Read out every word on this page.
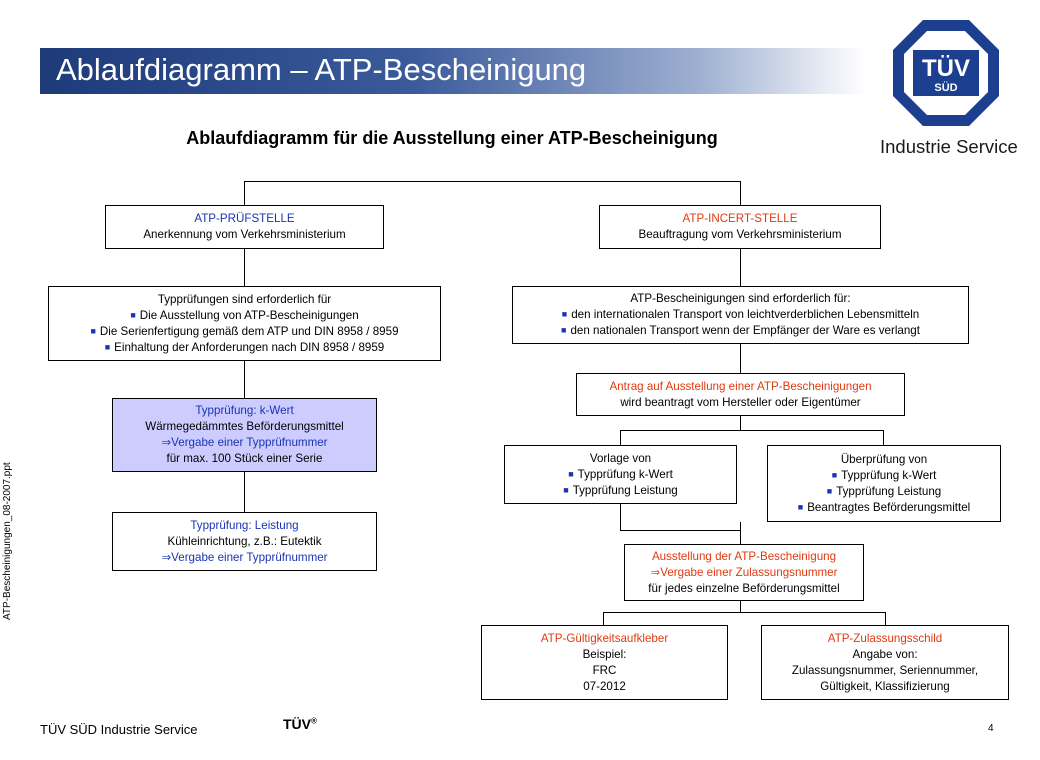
Ablaufdiagramm – ATP-Bescheinigung	TÜV
SÜD
Industrie Service
Ablaufdiagramm für die Ausstellung einer ATP-Bescheinigung
ATP-PRÜFSTELLE
Anerkennung vom Verkehrsministerium
Typprüfungen sind erforderlich für
■ Die Ausstellung von ATP-Bescheinigungen
■ Die Serienfertigung gemäß dem ATP und DIN 8958 / 8959
■ Einhaltung der Anforderungen nach DIN 8958 / 8959
Typprüfung: k-Wert
Wärmegedämmtes Beförderungsmittel
⇒Vergabe einer Typprüfnummer
für max. 100 Stück einer Serie
Typprüfung: Leistung
Kühleinrichtung, z.B.: Eutektik
⇒Vergabe einer Typprüfnummer
ATP-INCERT-STELLE
Beauftragung vom Verkehrsministerium
ATP-Bescheinigungen sind erforderlich für:
■ den internationalen Transport von leichtverderblichen Lebensmitteln
■ den nationalen Transport wenn der Empfänger der Ware es verlangt
Antrag auf Ausstellung einer ATP-Bescheinigungen
wird beantragt vom Hersteller oder Eigentümer
Vorlage von
■ Typprüfung k-Wert
■ Typprüfung Leistung
Überprüfung von
■ Typprüfung k-Wert
■ Typprüfung Leistung
■ Beantragtes Beförderungsmittel
Ausstellung der ATP-Bescheinigung
⇒Vergabe einer Zulassungsnummer
für jedes einzelne Beförderungsmittel
ATP-Gültigkeitsaufkleber
Beispiel:
FRC
07-2012
ATP-Zulassungsschild
Angabe von:
Zulassungsnummer, Seriennummer,
Gültigkeit, Klassifizierung
ATP-Bescheinigungen_08-2007.ppt
TÜV SÜD Industrie Service	TÜV®
4
